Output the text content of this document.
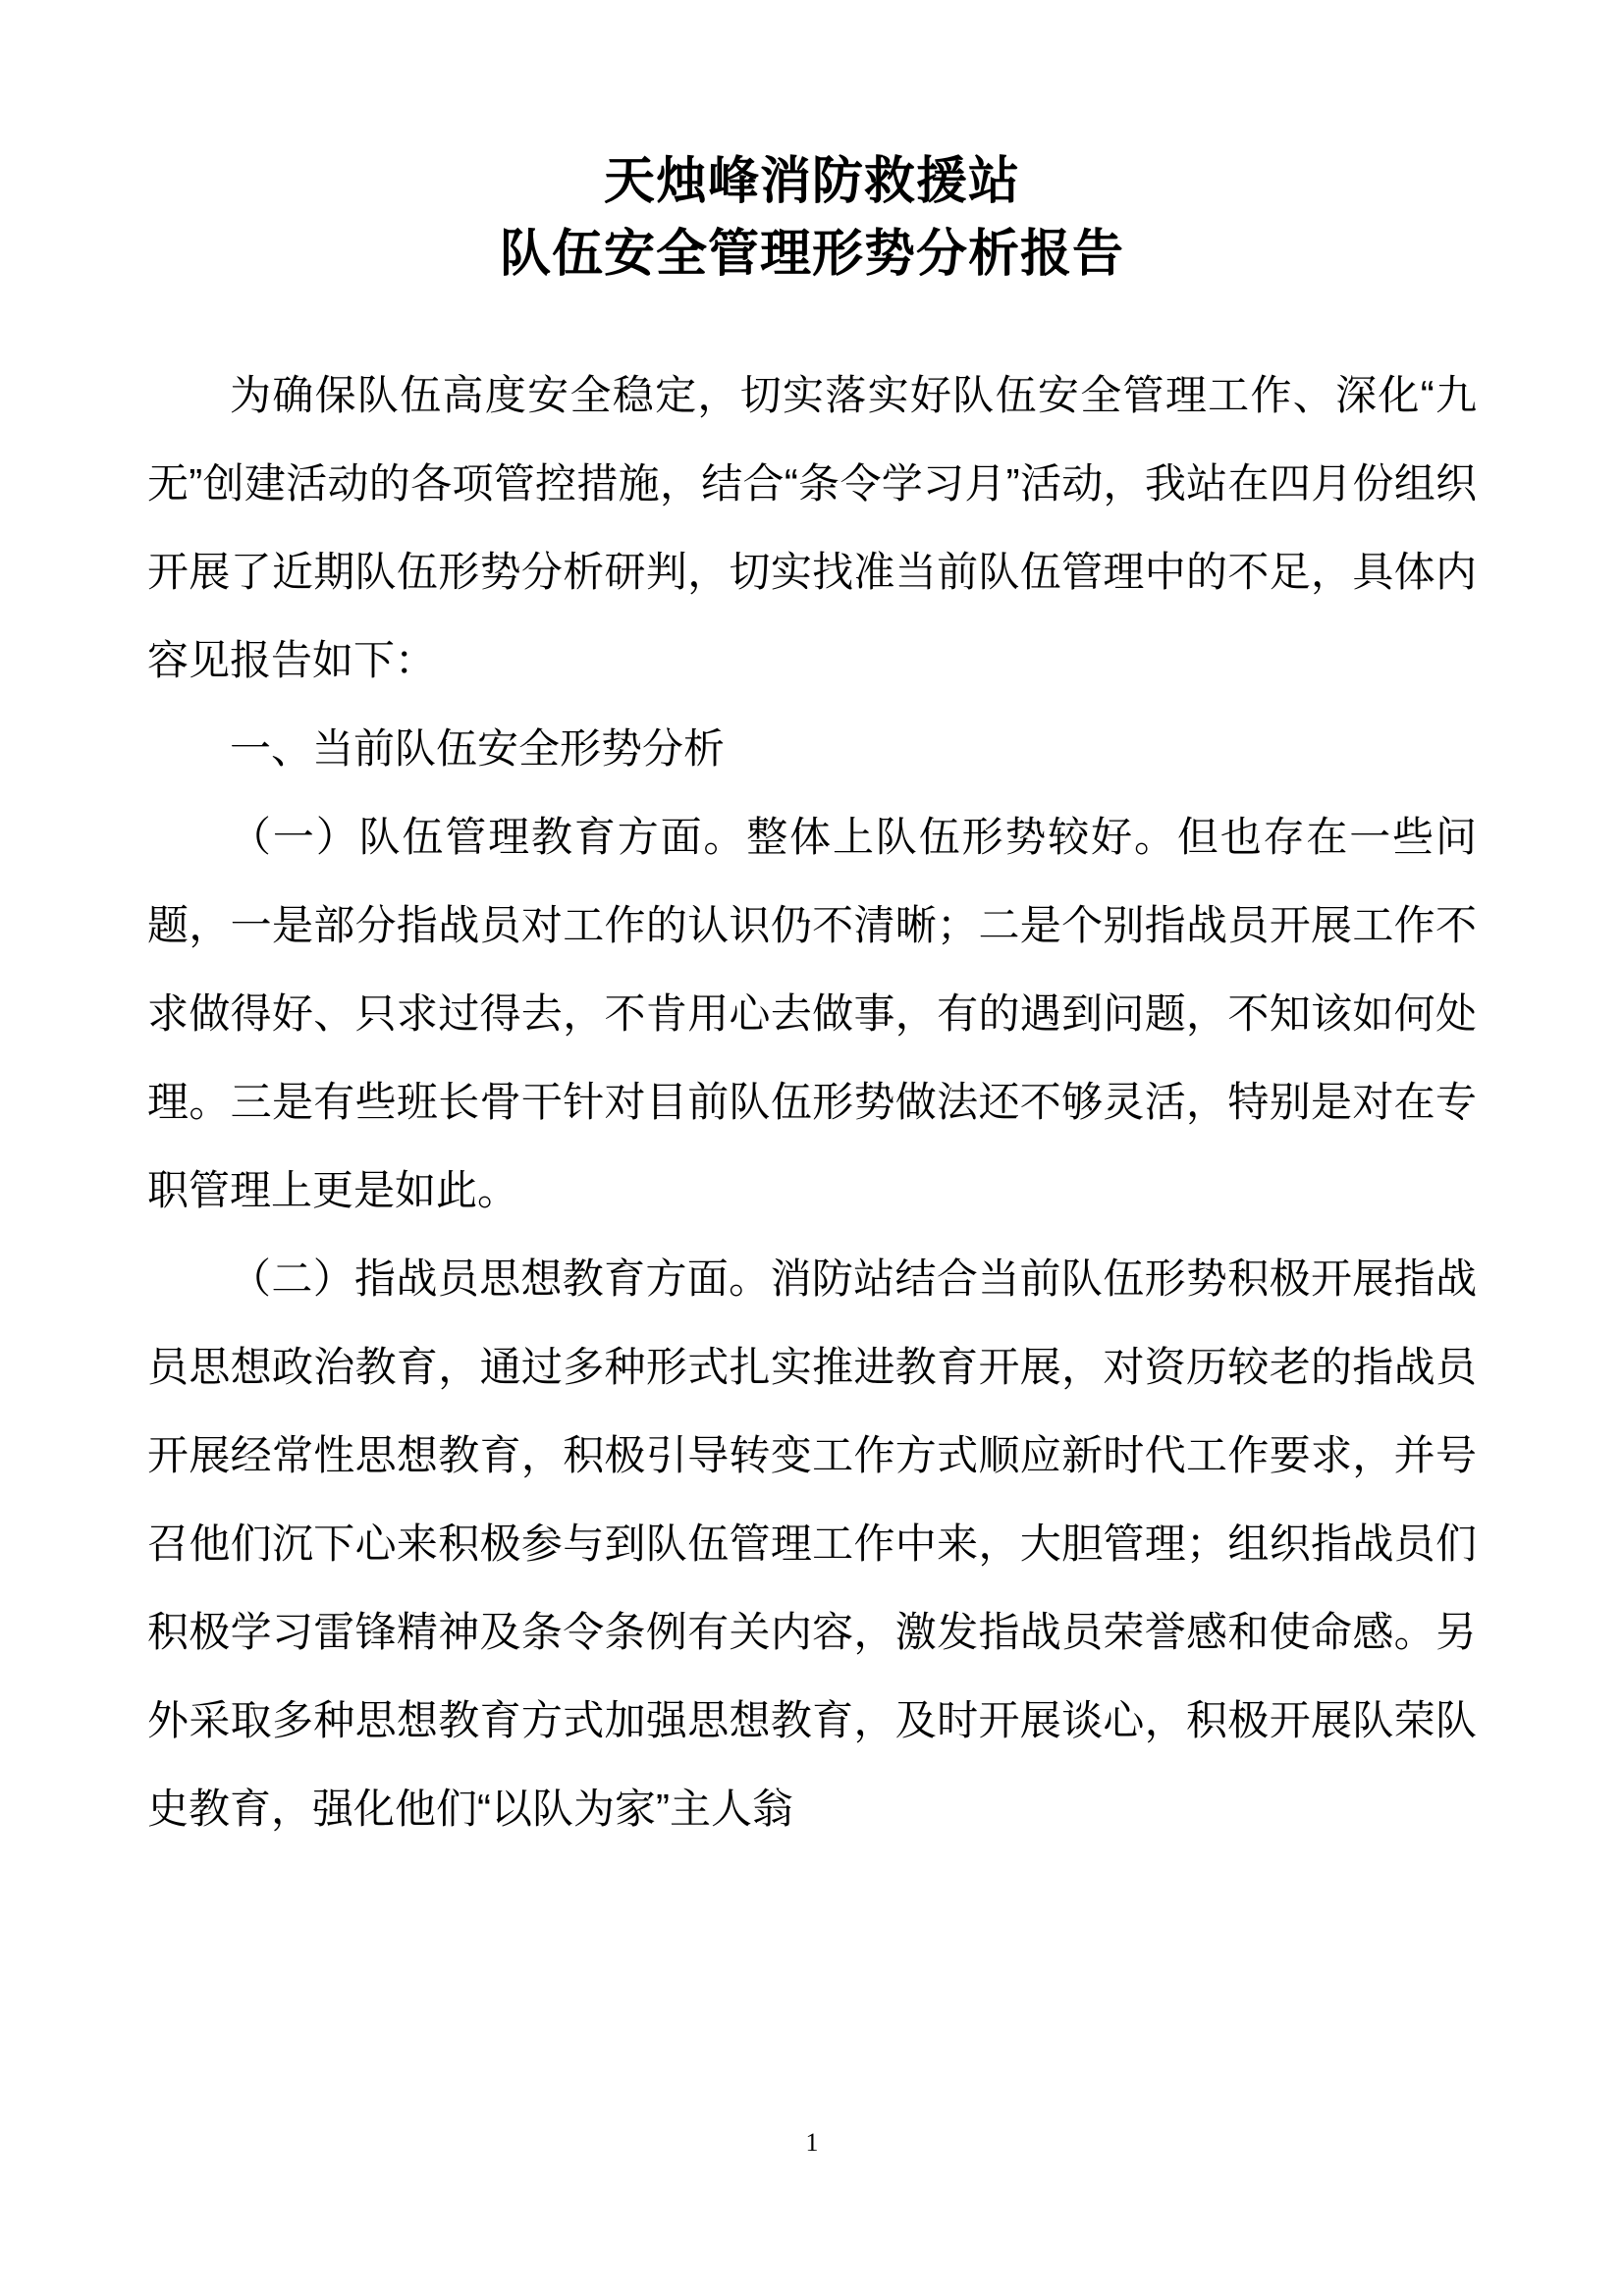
天烛峰消防救援站
队伍安全管理形势分析报告

为确保队伍高度安全稳定，切实落实好队伍安全管理工作、深化“九无”创建活动的各项管控措施，结合“条令学习月”活动，我站在四月份组织开展了近期队伍形势分析研判，切实找准当前队伍管理中的不足，具体内容见报告如下：

一、当前队伍安全形势分析

（一）队伍管理教育方面。整体上队伍形势较好。但也存在一些问题，一是部分指战员对工作的认识仍不清晰；二是个别指战员开展工作不求做得好、只求过得去，不肯用心去做事，有的遇到问题，不知该如何处理。三是有些班长骨干针对目前队伍形势做法还不够灵活，特别是对在专职管理上更是如此。

（二）指战员思想教育方面。消防站结合当前队伍形势积极开展指战员思想政治教育，通过多种形式扎实推进教育开展，对资历较老的指战员开展经常性思想教育，积极引导转变工作方式顺应新时代工作要求，并号召他们沉下心来积极参与到队伍管理工作中来，大胆管理；组织指战员们积极学习雷锋精神及条令条例有关内容，激发指战员荣誉感和使命感。另外采取多种思想教育方式加强思想教育，及时开展谈心，积极开展队荣队史教育，强化他们“以队为家”主人翁

1
